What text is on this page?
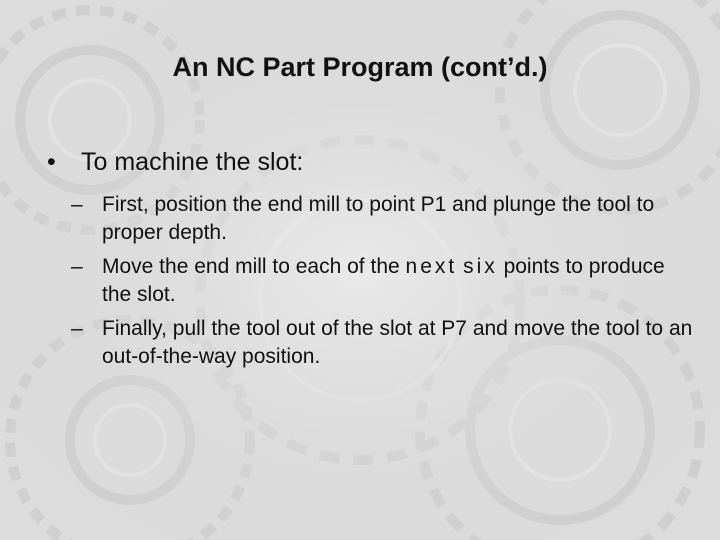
An NC Part Program (cont’d.)
•	To machine the slot:
– First, position the end mill to point P1 and plunge the tool to proper depth.
– Move the end mill to each of the next six points to produce the slot.
– Finally, pull the tool out of the slot at P7 and move the tool to an out-of-the-way position.
